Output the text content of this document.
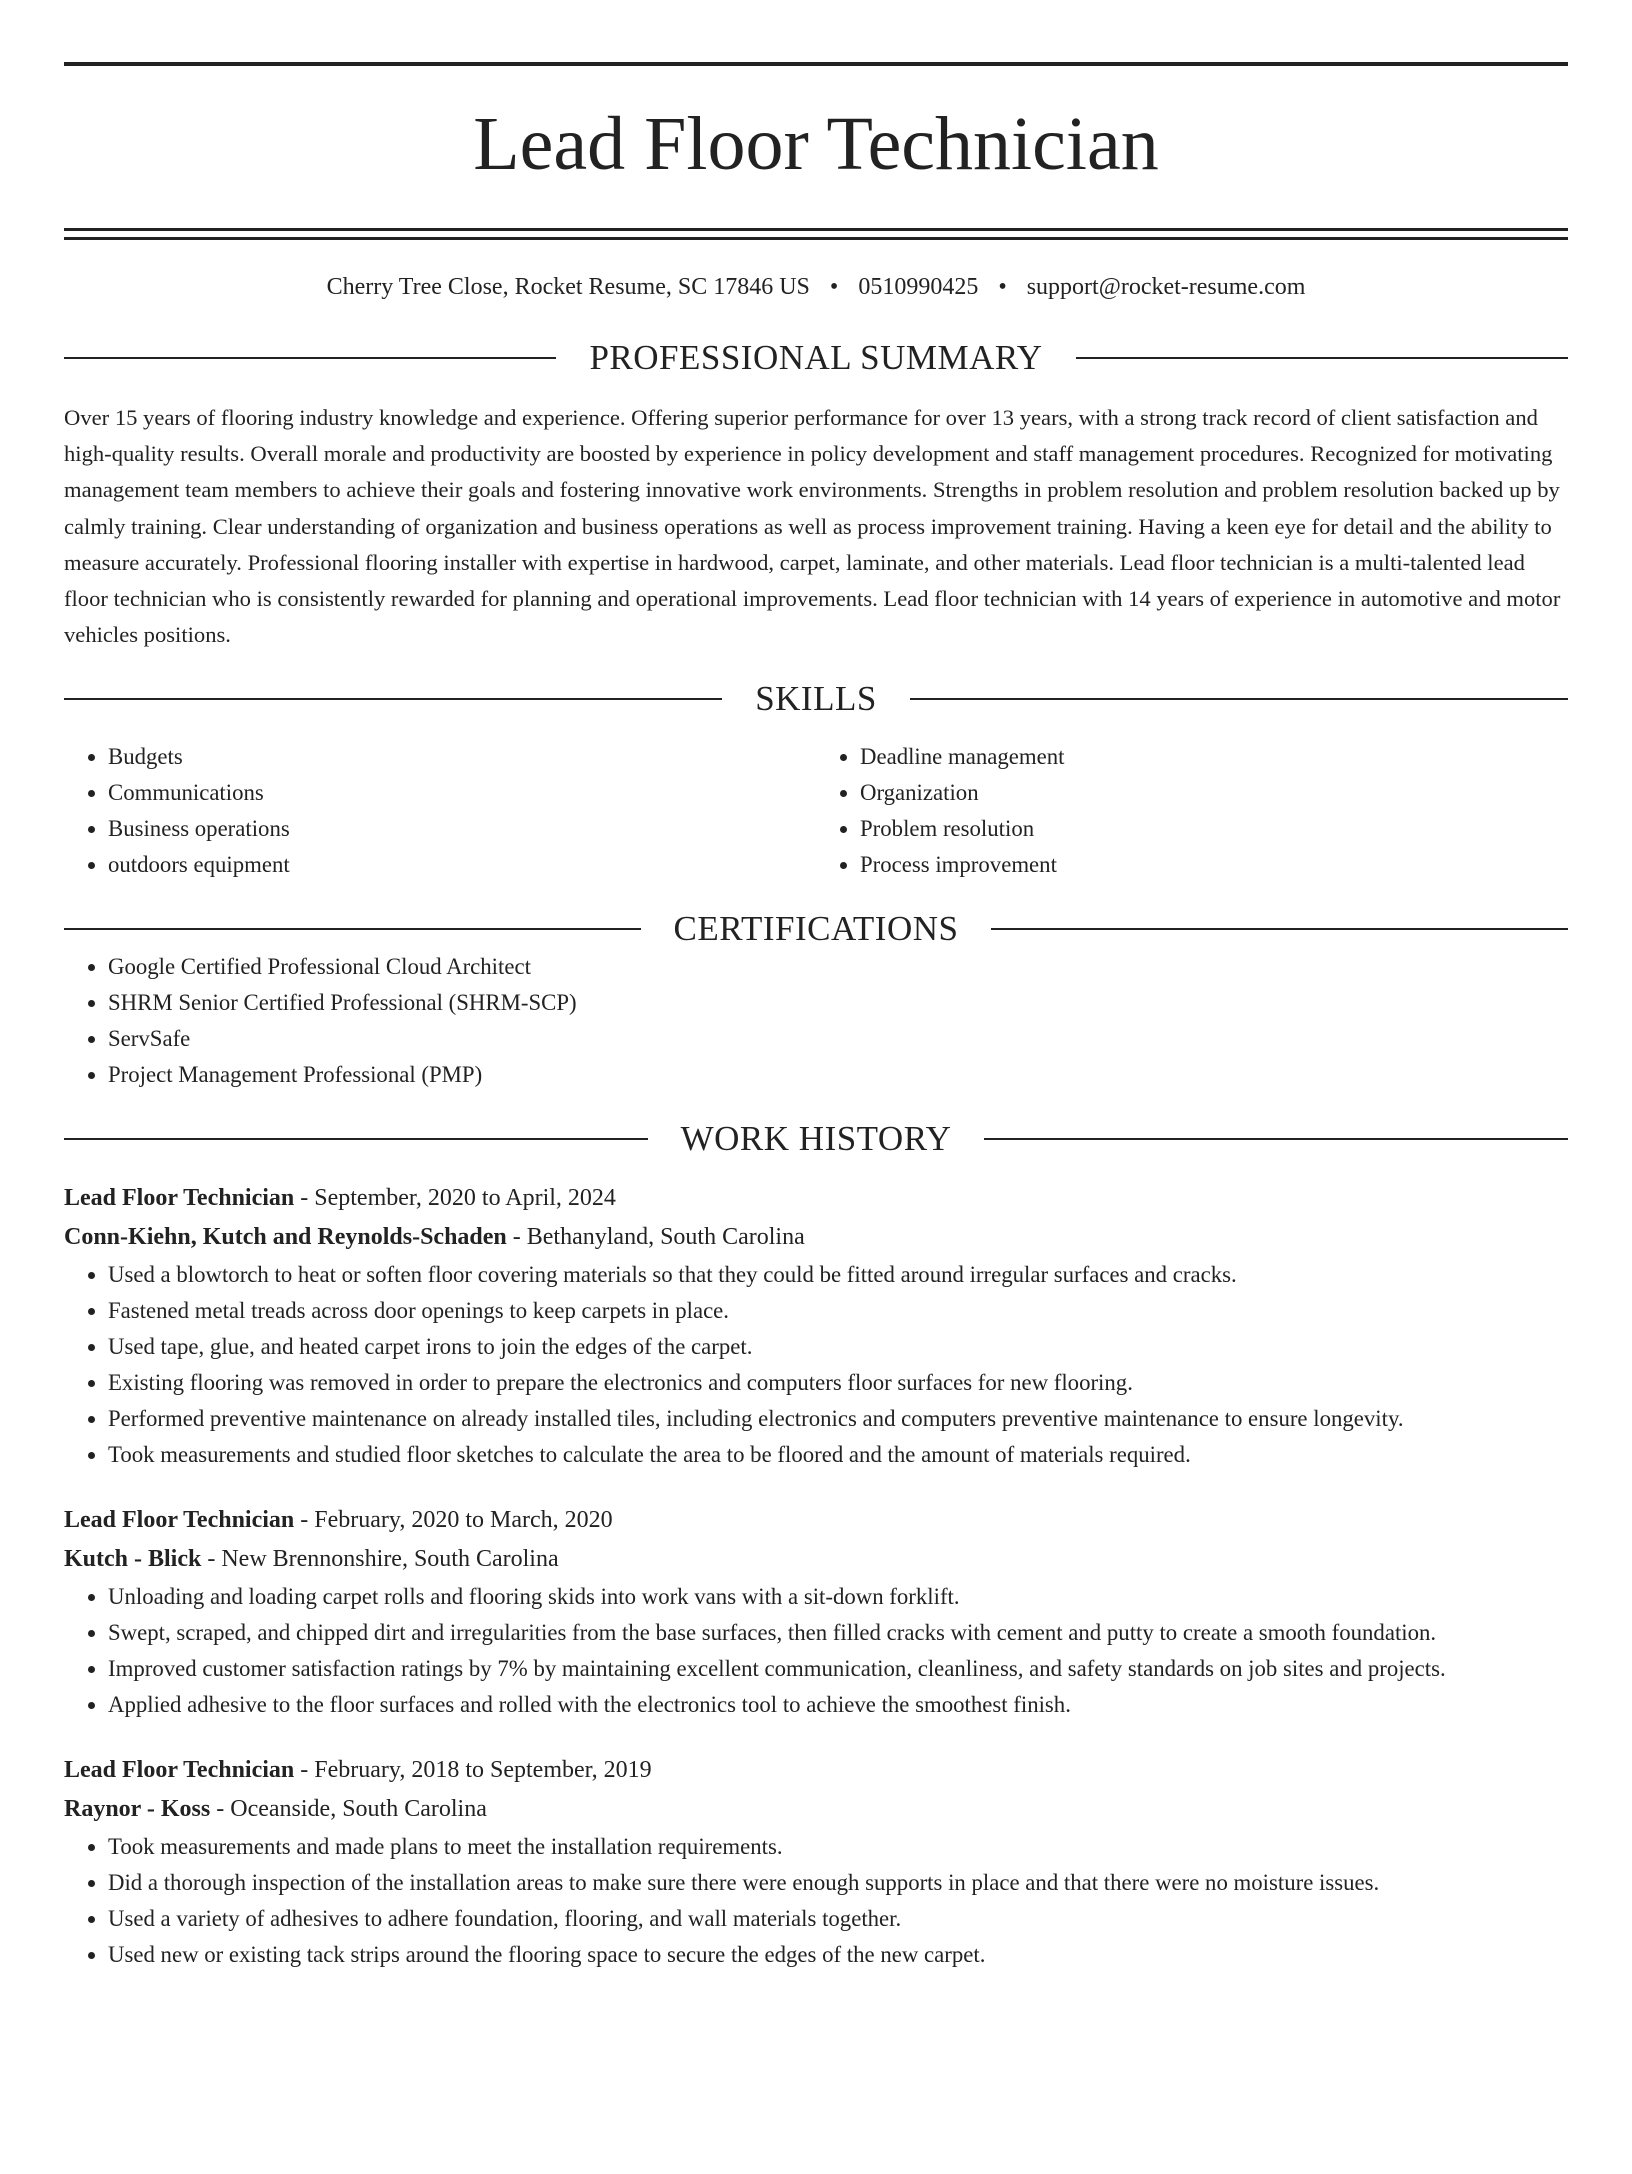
Lead Floor Technician
Cherry Tree Close, Rocket Resume, SC 17846 US • 0510990425 • support@rocket-resume.com
PROFESSIONAL SUMMARY

Over 15 years of flooring industry knowledge and experience. Offering superior performance for over 13 years, with a strong track record of client satisfaction and high-quality results. Overall morale and productivity are boosted by experience in policy development and staff management procedures. Recognized for motivating management team members to achieve their goals and fostering innovative work environments. Strengths in problem resolution and problem resolution backed up by calmly training. Clear understanding of organization and business operations as well as process improvement training. Having a keen eye for detail and the ability to measure accurately. Professional flooring installer with expertise in hardwood, carpet, laminate, and other materials. Lead floor technician is a multi-talented lead floor technician who is consistently rewarded for planning and operational improvements. Lead floor technician with 14 years of experience in automotive and motor vehicles positions.

SKILLS
• Budgets
• Communications
• Business operations
• outdoors equipment
• Deadline management
• Organization
• Problem resolution
• Process improvement
CERTIFICATIONS
• Google Certified Professional Cloud Architect
• SHRM Senior Certified Professional (SHRM-SCP)
• ServSafe
• Project Management Professional (PMP)
WORK HISTORY
Lead Floor Technician - September, 2020 to April, 2024
Conn-Kiehn, Kutch and Reynolds-Schaden - Bethanyland, South Carolina
• Used a blowtorch to heat or soften floor covering materials so that they could be fitted around irregular surfaces and cracks.
• Fastened metal treads across door openings to keep carpets in place.
• Used tape, glue, and heated carpet irons to join the edges of the carpet.
• Existing flooring was removed in order to prepare the electronics and computers floor surfaces for new flooring.
• Performed preventive maintenance on already installed tiles, including electronics and computers preventive maintenance to ensure longevity.
• Took measurements and studied floor sketches to calculate the area to be floored and the amount of materials required.
Lead Floor Technician - February, 2020 to March, 2020
Kutch - Blick - New Brennonshire, South Carolina
• Unloading and loading carpet rolls and flooring skids into work vans with a sit-down forklift.
• Swept, scraped, and chipped dirt and irregularities from the base surfaces, then filled cracks with cement and putty to create a smooth foundation.
• Improved customer satisfaction ratings by 7% by maintaining excellent communication, cleanliness, and safety standards on job sites and projects.
• Applied adhesive to the floor surfaces and rolled with the electronics tool to achieve the smoothest finish.
Lead Floor Technician - February, 2018 to September, 2019
Raynor - Koss - Oceanside, South Carolina
• Took measurements and made plans to meet the installation requirements.
• Did a thorough inspection of the installation areas to make sure there were enough supports in place and that there were no moisture issues.
• Used a variety of adhesives to adhere foundation, flooring, and wall materials together.
• Used new or existing tack strips around the flooring space to secure the edges of the new carpet.
